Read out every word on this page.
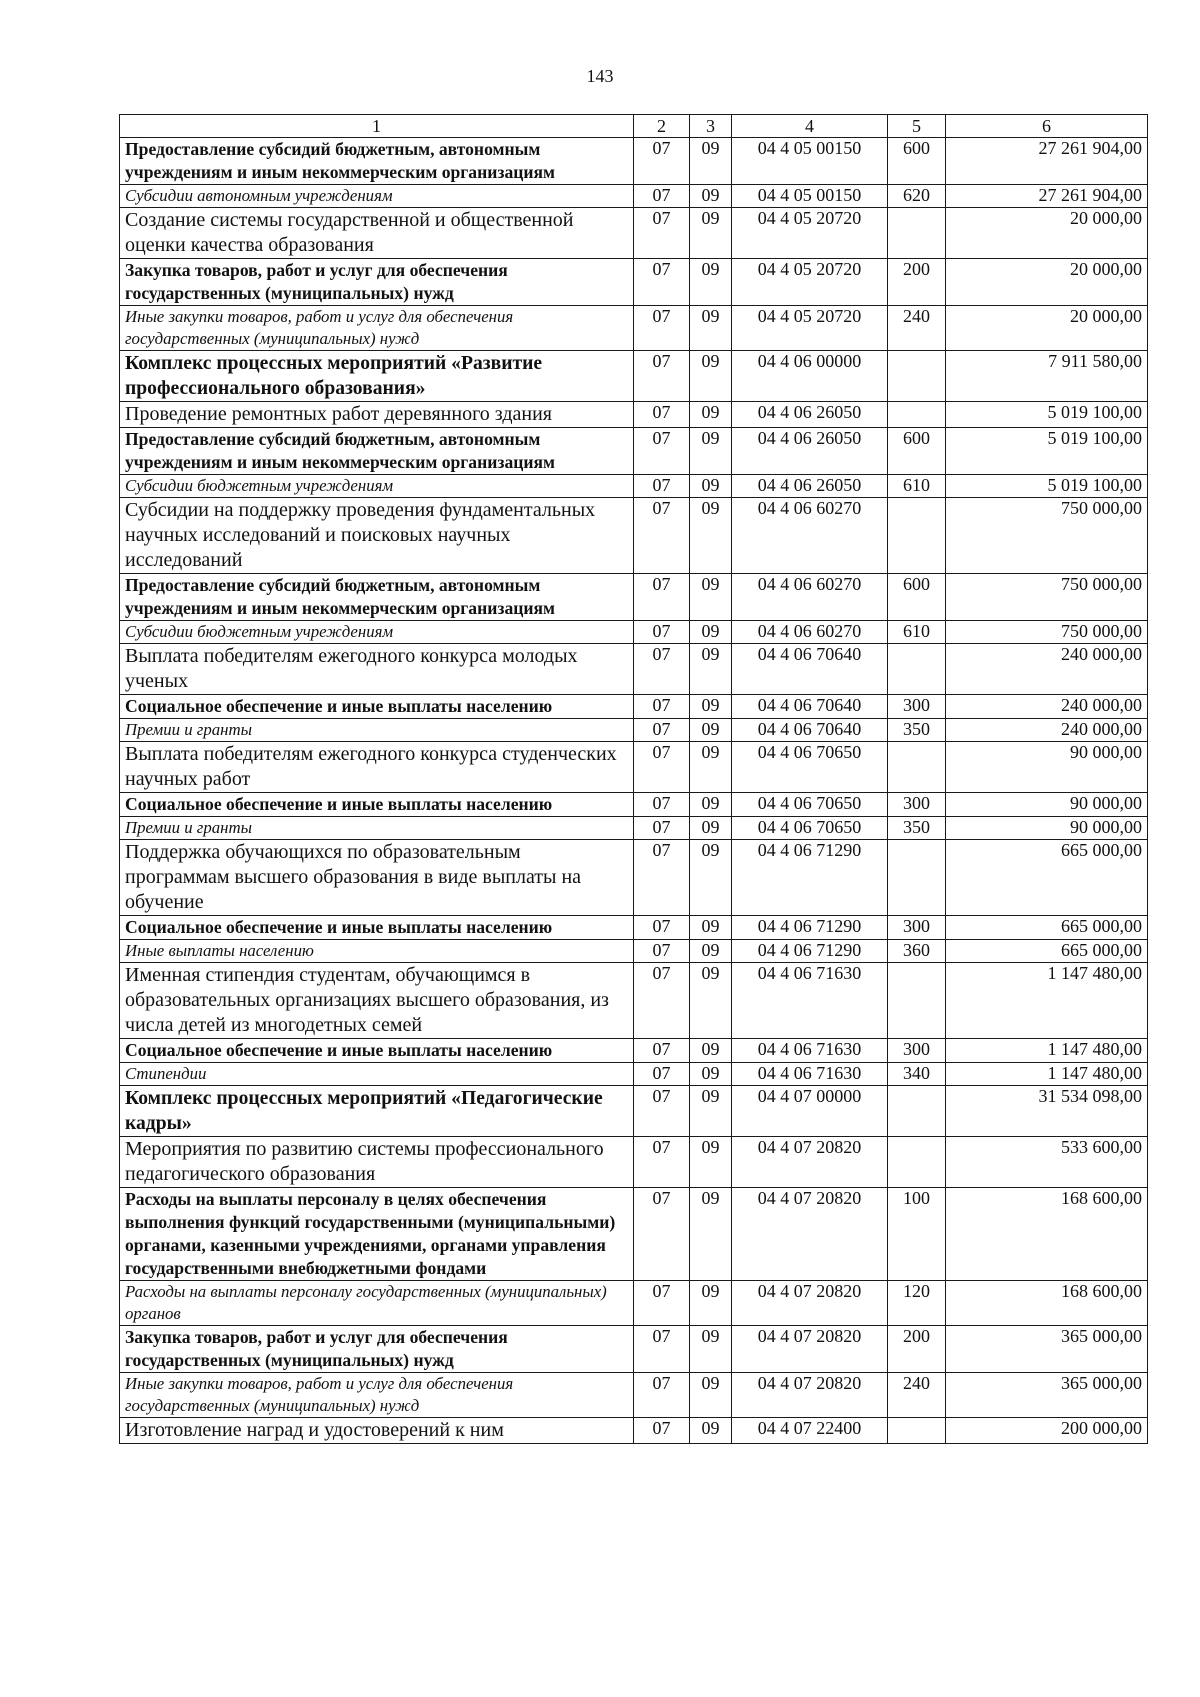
143
1	2	3	4	5	6
Предоставление субсидий бюджетным, автономным учреждениям и иным некоммерческим организациям	07	09	04 4 05 00150	600	27 261 904,00
Субсидии автономным учреждениям	07	09	04 4 05 00150	620	27 261 904,00
Создание системы государственной и общественной оценки качества образования	07	09	04 4 05 20720		20 000,00
Закупка товаров, работ и услуг для обеспечения государственных (муниципальных) нужд	07	09	04 4 05 20720	200	20 000,00
Иные закупки товаров, работ и услуг для обеспечения государственных (муниципальных) нужд	07	09	04 4 05 20720	240	20 000,00
Комплекс процессных мероприятий «Развитие профессионального образования»	07	09	04 4 06 00000		7 911 580,00
Проведение ремонтных работ деревянного здания	07	09	04 4 06 26050		5 019 100,00
Предоставление субсидий бюджетным, автономным учреждениям и иным некоммерческим организациям	07	09	04 4 06 26050	600	5 019 100,00
Субсидии бюджетным учреждениям	07	09	04 4 06 26050	610	5 019 100,00
Субсидии на поддержку проведения фундаментальных научных исследований и поисковых научных исследований	07	09	04 4 06 60270		750 000,00
Предоставление субсидий бюджетным, автономным учреждениям и иным некоммерческим организациям	07	09	04 4 06 60270	600	750 000,00
Субсидии бюджетным учреждениям	07	09	04 4 06 60270	610	750 000,00
Выплата победителям ежегодного конкурса молодых ученых	07	09	04 4 06 70640		240 000,00
Социальное обеспечение и иные выплаты населению	07	09	04 4 06 70640	300	240 000,00
Премии и гранты	07	09	04 4 06 70640	350	240 000,00
Выплата победителям ежегодного конкурса студенческих научных работ	07	09	04 4 06 70650		90 000,00
Социальное обеспечение и иные выплаты населению	07	09	04 4 06 70650	300	90 000,00
Премии и гранты	07	09	04 4 06 70650	350	90 000,00
Поддержка обучающихся по образовательным программам высшего образования в виде выплаты на обучение	07	09	04 4 06 71290		665 000,00
Социальное обеспечение и иные выплаты населению	07	09	04 4 06 71290	300	665 000,00
Иные выплаты населению	07	09	04 4 06 71290	360	665 000,00
Именная стипендия студентам, обучающимся в образовательных организациях высшего образования, из числа детей из многодетных семей	07	09	04 4 06 71630		1 147 480,00
Социальное обеспечение и иные выплаты населению	07	09	04 4 06 71630	300	1 147 480,00
Стипендии	07	09	04 4 06 71630	340	1 147 480,00
Комплекс процессных мероприятий «Педагогические кадры»	07	09	04 4 07 00000		31 534 098,00
Мероприятия по развитию системы профессионального педагогического образования	07	09	04 4 07 20820		533 600,00
Расходы на выплаты персоналу в целях обеспечения выполнения функций государственными (муниципальными) органами, казенными учреждениями, органами управления государственными внебюджетными фондами	07	09	04 4 07 20820	100	168 600,00
Расходы на выплаты персоналу государственных (муниципальных) органов	07	09	04 4 07 20820	120	168 600,00
Закупка товаров, работ и услуг для обеспечения государственных (муниципальных) нужд	07	09	04 4 07 20820	200	365 000,00
Иные закупки товаров, работ и услуг для обеспечения государственных (муниципальных) нужд	07	09	04 4 07 20820	240	365 000,00
Изготовление наград и удостоверений к ним	07	09	04 4 07 22400		200 000,00
